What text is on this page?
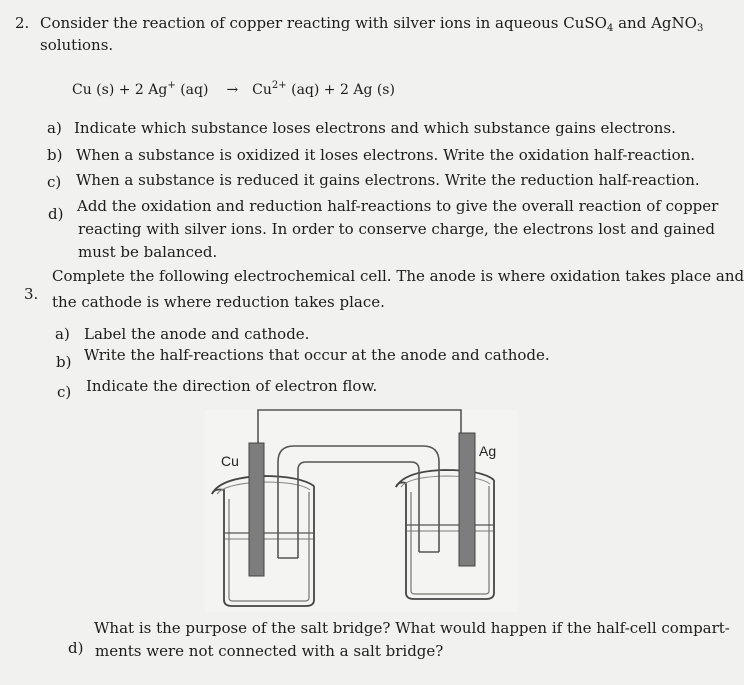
2. Consider the reaction of copper reacting with silver ions in aqueous CuSO$_4$ and AgNO$_3$
solutions.
Cu (s) + 2 Ag+ $(aq) \to Cu^{2+}$ (aq) + 2 Ag (s)
a) Indicate which substance loses electrons and which substance gains electrons.
b) When a substance is oxidized it loses electrons. Write the oxidation half-reaction.
c) When a substance is reduced it gains electrons. Write the reduction half-reaction.
d) Add the oxidation and reduction half-reactions to give the overall reaction of copper
reacting with silver ions. In order to conserve charge, the electrons lost and gained
must be balanced.
3.
Complete the following electrochemical cell. The anode is where oxidation takes place and
the cathode is where reduction takes place.
a) Label the anode and cathode.
b) Write the half-reactions that occur at the anode and cathode.
c) Indicate the direction of electron flow.
Cu
Ag
d)
What is the purpose of the salt bridge? What would happen if the half-cell compart-
ments were not connected with a salt bridge?
